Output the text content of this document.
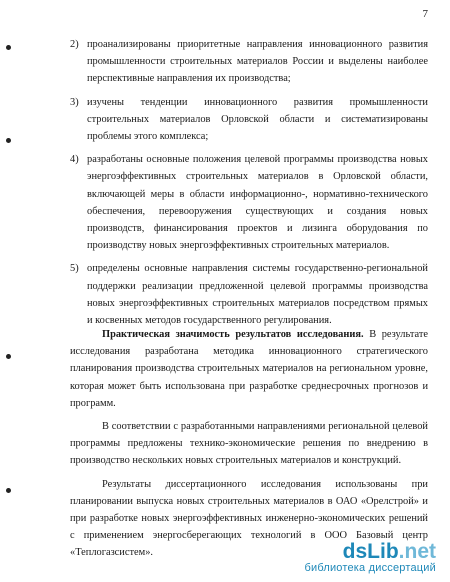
7
2) проанализированы приоритетные направления инновационного развития промышленности строительных материалов России и выделены наиболее перспективные направления их производства;
3) изучены тенденции инновационного развития промышленности строительных материалов Орловской области и систематизированы проблемы этого комплекса;
4) разработаны основные положения целевой программы производства новых энергоэффективных строительных материалов в Орловской области, включающей меры в области информационно-, нормативно-технического обеспечения, перевооружения существующих и создания новых производств, финансирования проектов и лизинга оборудования по производству новых энергоэффективных строительных материалов.
5) определены основные направления системы государственно-региональной поддержки реализации предложенной целевой программы производства новых энергоэффективных строительных материалов посредством прямых и косвенных методов государственного регулирования.

Практическая значимость результатов исследования. В результате исследования разработана методика инновационного стратегического планирования производства строительных материалов на региональном уровне, которая может быть использована при разработке среднесрочных прогнозов и программ.

В соответствии с разработанными направлениями региональной целевой программы предложены технико-экономические решения по внедрению в производство нескольких новых строительных материалов и конструкций.

Результаты диссертационного исследования использованы при планировании выпуска новых строительных материалов в ОАО «Орелстрой» и при разработке новых энергоэффективных инженерно-экономических решений с применением энергосберегающих технологий в ООО Базовый центр «Теплогазсистем».	dsLib.net
библиотека диссертаций
